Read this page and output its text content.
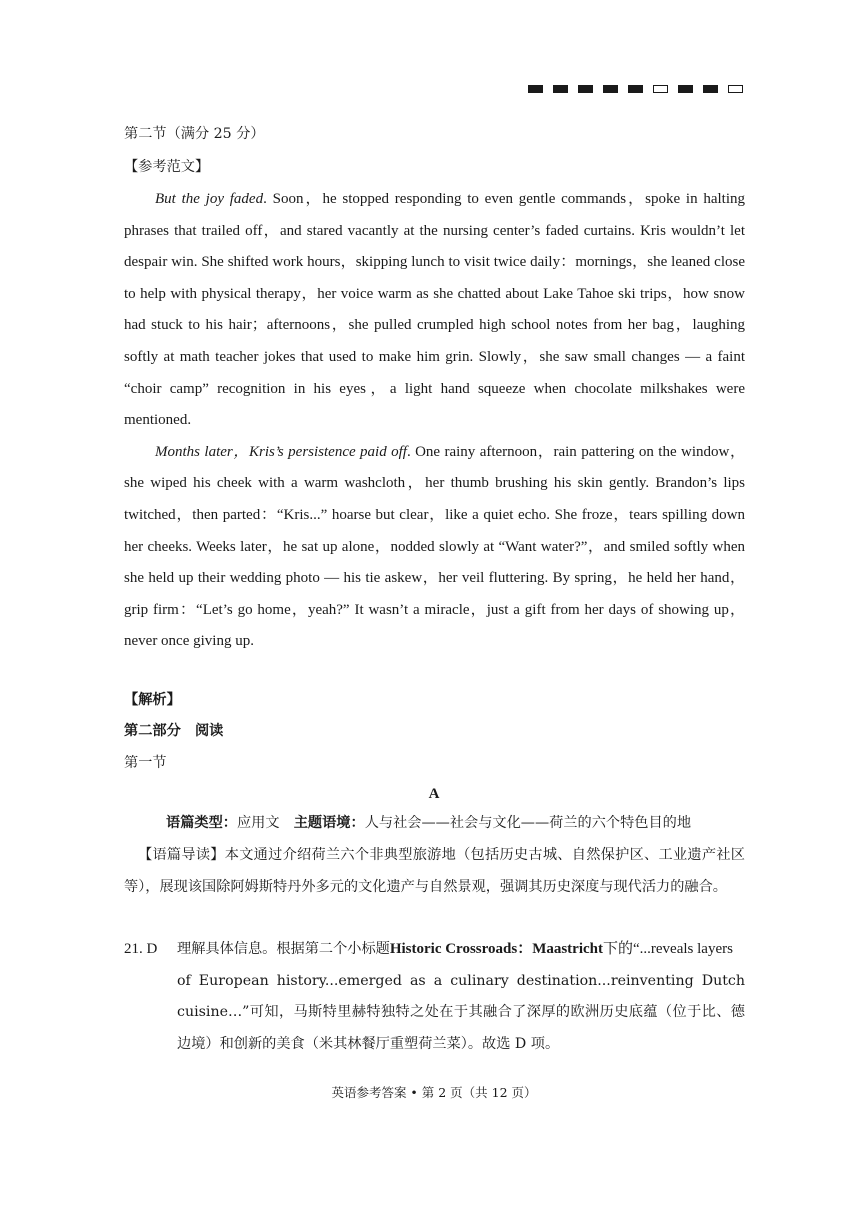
第二节（满分 25 分）
【参考范文】

But the joy faded. Soon，he stopped responding to even gentle commands，spoke in halting phrases that trailed off，and stared vacantly at the nursing center’s faded curtains. Kris wouldn’t let despair win. She shifted work hours，skipping lunch to visit twice daily：mornings，she leaned close to help with physical therapy，her voice warm as she chatted about Lake Tahoe ski trips，how snow had stuck to his hair；afternoons，she pulled crumpled high school notes from her bag，laughing softly at math teacher jokes that used to make him grin. Slowly，she saw small changes — a faint “choir camp” recognition in his eyes，a light hand squeeze when chocolate milkshakes were mentioned.

Months later，Kris’s persistence paid off. One rainy afternoon，rain pattering on the window，she wiped his cheek with a warm washcloth，her thumb brushing his skin gently. Brandon’s lips twitched，then parted：“Kris...” hoarse but clear，like a quiet echo. She froze，tears spilling down her cheeks. Weeks later，he sat up alone，nodded slowly at “Want water?”，and smiled softly when she held up their wedding photo — his tie askew，her veil fluttering. By spring，he held her hand，grip firm：“Let’s go home，yeah?” It wasn’t a miracle，just a gift from her days of showing up，never once giving up.

【解析】
第二部分　阅读
第一节
A
语篇类型：应用文　 主题语境：人与社会——社会与文化——荷兰的六个特色目的地
【语篇导读】本文通过介绍荷兰六个非典型旅游地（包括历史古城、自然保护区、工业遗产社区等），展现该国除阿姆斯特丹外多元的文化遗产与自然景观，强调其历史深度与现代活力的融合。
21. D 理解具体信息。根据第二个小标题Historic Crossroads：Maastricht下的“...reveals layers
of European history...emerged as a culinary destination...reinventing Dutch cuisine…”可知，马斯特里赫特独特之处在于其融合了深厚的欧洲历史底蕴（位于比、德边境）和创新的美食（米其林餐厅重塑荷兰菜）。故选 D 项。
英语参考答案 • 第 2 页（共 12 页）
